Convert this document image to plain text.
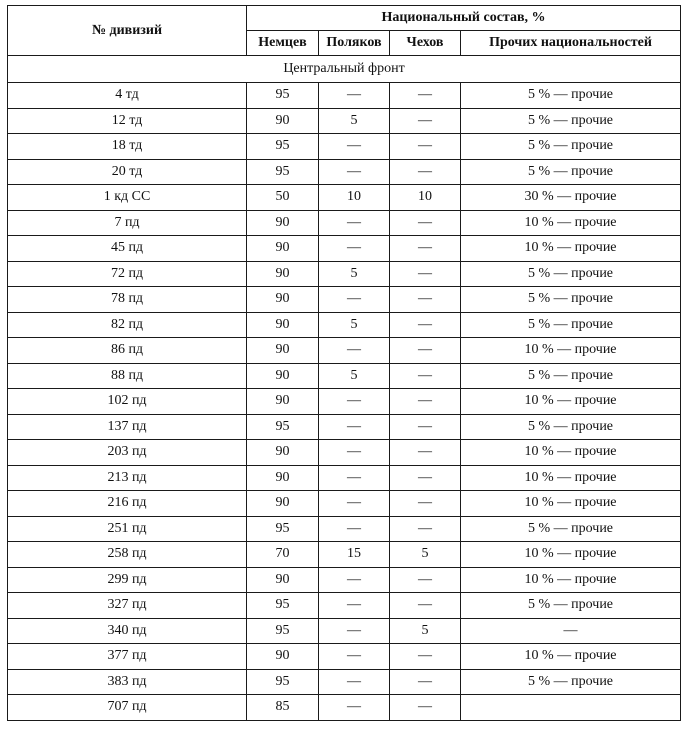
№ дивизий	Национальный состав, %			
	Немцев	Поляков	Чехов	Прочих национальностей
Центральный фронт				
4 тд	95	—	—	5 % — прочие
12 тд	90	5	—	5 % — прочие
18 тд	95	—	—	5 % — прочие
20 тд	95	—	—	5 % — прочие
1 кд СС	50	10	10	30 % — прочие
7 пд	90	—	—	10 % — прочие
45 пд	90	—	—	10 % — прочие
72 пд	90	5	—	5 % — прочие
78 пд	90	—	—	5 % — прочие
82 пд	90	5	—	5 % — прочие
86 пд	90	—	—	10 % — прочие
88 пд	90	5	—	5 % — прочие
102 пд	90	—	—	10 % — прочие
137 пд	95	—	—	5 % — прочие
203 пд	90	—	—	10 % — прочие
213 пд	90	—	—	10 % — прочие
216 пд	90	—	—	10 % — прочие
251 пд	95	—	—	5 % — прочие
258 пд	70	15	5	10 % — прочие
299 пд	90	—	—	10 % — прочие
327 пд	95	—	—	5 % — прочие
340 пд	95	—	5	—
377 пд	90	—	—	10 % — прочие
383 пд	95	—	—	5 % — прочие
707 пд	85	—	—	
